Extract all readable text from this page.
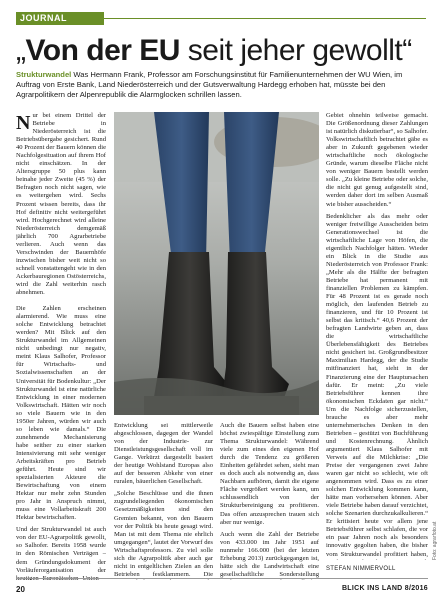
JOURNAL
„Von der EU seit jeher gewollt“
Strukturwandel Was Hermann Frank, Professor am Forschungsinstitut für Familienunternehmen der WU Wien, im Auftrag von Erste Bank, Land Niederösterreich und der Gutsverwaltung Hardegg erhoben hat, müsste bei den Agrarpolitikern der Alpenrepublik die Alarmglocken schrillen lassen.

Nur bei einem Drittel der Betriebe in Niederösterreich ist die Betriebsübergabe gesichert. Rund 40 Prozent der Bauern können die Nachfolgesituation auf ihrem Hof nicht einschätzen. In der Altersgruppe 50 plus kann beinahe jeder Zweite (45 %) der Befragten noch nicht sagen, wie es weitergehen wird. Sechs Prozent wissen bereits, dass ihr Hof definitiv nicht weitergeführt wird. Hochgerechnet wird alleine Niederösterreich demgemäß jährlich 700 Agrarbetriebe verlieren. Auch wenn das Verschwinden der Bauernhöfe inzwischen bisher weit nicht so schnell vonstattengeht wie in den Ackerbauregionen Ostösterreichs, wird die Zahl weiterhin rasch abnehmen.

Die Zahlen erscheinen alarmierend. Wie muss eine solche Entwicklung betrachtet werden? Mit Blick auf den Strukturwandel im Allgemeinen nicht unbedingt nur negativ, meint Klaus Salhofer, Professor für Wirtschafts- und Sozialwissenschaften an der Universität für Bodenkultur: „Der Strukturwandel ist eine natürliche Entwicklung in einer modernen Volkswirtschaft. Hätten wir noch so viele Bauern wie in den 1950er Jahren, würden wir auch so leben wie damals.“ Die zunehmende Mechanisierung habe seither zu einer starken Intensivierung mit sehr weniger Arbeitskräften pro Betrieb geführt. Heute sind wir spezialisierten Akteure die Bewirtschaftung von einem Hektar nur mehr zehn Stunden pro Jahr in Anspruch nimmt, muss eine Vollarbeitskraft 200 Hektar bewirtschaften.

Und der Strukturwandel ist auch von der EU-Agrarpolitik gewollt, so Salhofer. Bereits 1958 wurde in den Römischen Verträgen – dem Gründungsdokument der Vorläuferorganisation der

Foto: agrarfoto.at

Entwicklung sei mittlerweile abgeschlossen, dagegen der Wandel von der Industrie- zur Dienstleistungsgesellschaft voll im Gange. Verkürzt dargestellt basiert der heutige Wohlstand Europas also auf der besseren Abkehr von einer ruralen, bäuerlichen Gesellschaft.

„Solche Beschlüsse und die ihnen zugrundeliegenden ökonomischen Gesetzmäßigkeiten sind den Gremien bekannt, von den Bauern vor der Politik bis heute gesagt wird. Man ist mit dem Thema nie ehrlich umgegangen“, lautet der Vorwurf des Wirtschaftsprofessors. Zu viel solle sich die Agrarpolitik aber auch gar nicht in entgeltlichen Zielen an den Betrieben festklammern. Die

Auch die Bauern selbst haben eine höchst zwiespältige Einstellung zum Thema Strukturwandel: Während viele zum eines den eigenen Hof durch die Tendenz zu größeren Einheiten gefährdet sehen, sieht man es doch auch als notwendig an, dass Nachbarn aufhören, damit die eigene Fläche vergrößert werden kann, um schlussendlich von der Strukturbereinigung zu profitieren. Das offen anzusprechen trauen sich aber nur wenige.

Auch wenn die Zahl der Betriebe von 433.000 im Jahr 1951 auf nunmehr 166.000 (bei der letzten Erhebung 2013) zurückgegangen ist, hätte sich die Landwirtschaft eine gesellschaftliche Sonderstellung

Gebiet ohnehin teilweise gemacht. Die Größenordnung dieser Zahlungen ist natürlich diskutierbar“, so Salhofer. Volkswirtschaftlich betrachtet gäbe es aber in Zukunft gegebenen wieder wirtschaftliche noch ökologische Gründe, warum dieselbe Fläche nicht von weniger Bauern bestellt werden solle. „Zu kleine Betriebe oder solche, die nicht gut genug aufgestellt sind, werden daher dort im selben Ausmaß wie bisher ausscheiden.“

Bedenklicher als das mehr oder weniger freiwillige Ausscheiden beim Generationswechsel ist die wirtschaftliche Lage von Höfen, die eigentlich Nachfolger hätten. Wieder ein Blick in die Studie aus Niederösterreich von Professor Frank: „Mehr als die Hälfte der befragten Betriebe hat permanent mit finanziellen Problemen zu kämpfen. Für 48 Prozent ist es gerade noch möglich, den laufenden Betrieb zu finanzieren, und für 10 Prozent ist selbst das kritisch.“ 40,6 Prozent der befragten Landwirte geben an, dass die wirtschaftliche Überlebensfähigkeit des Betriebes nicht gesichert ist. Großgrundbesitzer Maximilian Hardegg, der die Studie mitfinanziert hat, sieht in der Finanzierung eine der Hauptursachen dafür. Er meint: „Zu viele Betriebsführer kennen ihre ökonomischen Eckdaten gar nicht.“ Um die Nachfolge sicherzustellen, brauche es aber mehr unternehmerisches Denken in den Betrieben – gestützt von Buchführung und Kostenrechnung. Ähnlich argumentiert Klaus Salhofer mit Verweis auf die Milchkrise: „Die Preise der vergangenen zwei Jahre waren gar nicht so schlecht, wie oft angenommen wird. Dass es zu einer solchen Entwicklung kommen kann, hätte man vorhersehen können. Aber viele Betriebe haben darauf verzichtet, solche Szenarien durchzukalkulieren.“ Er kritisiert heute vor allem jene Betriebsführer selbst schlafen, die vor ein paar Jahren noch als besonders innovativ gegolten haben, die bisher vom Strukturwandel profitiert haben,

STEFAN NIMMERVOLL
20	BLICK INS LAND 8/2016
